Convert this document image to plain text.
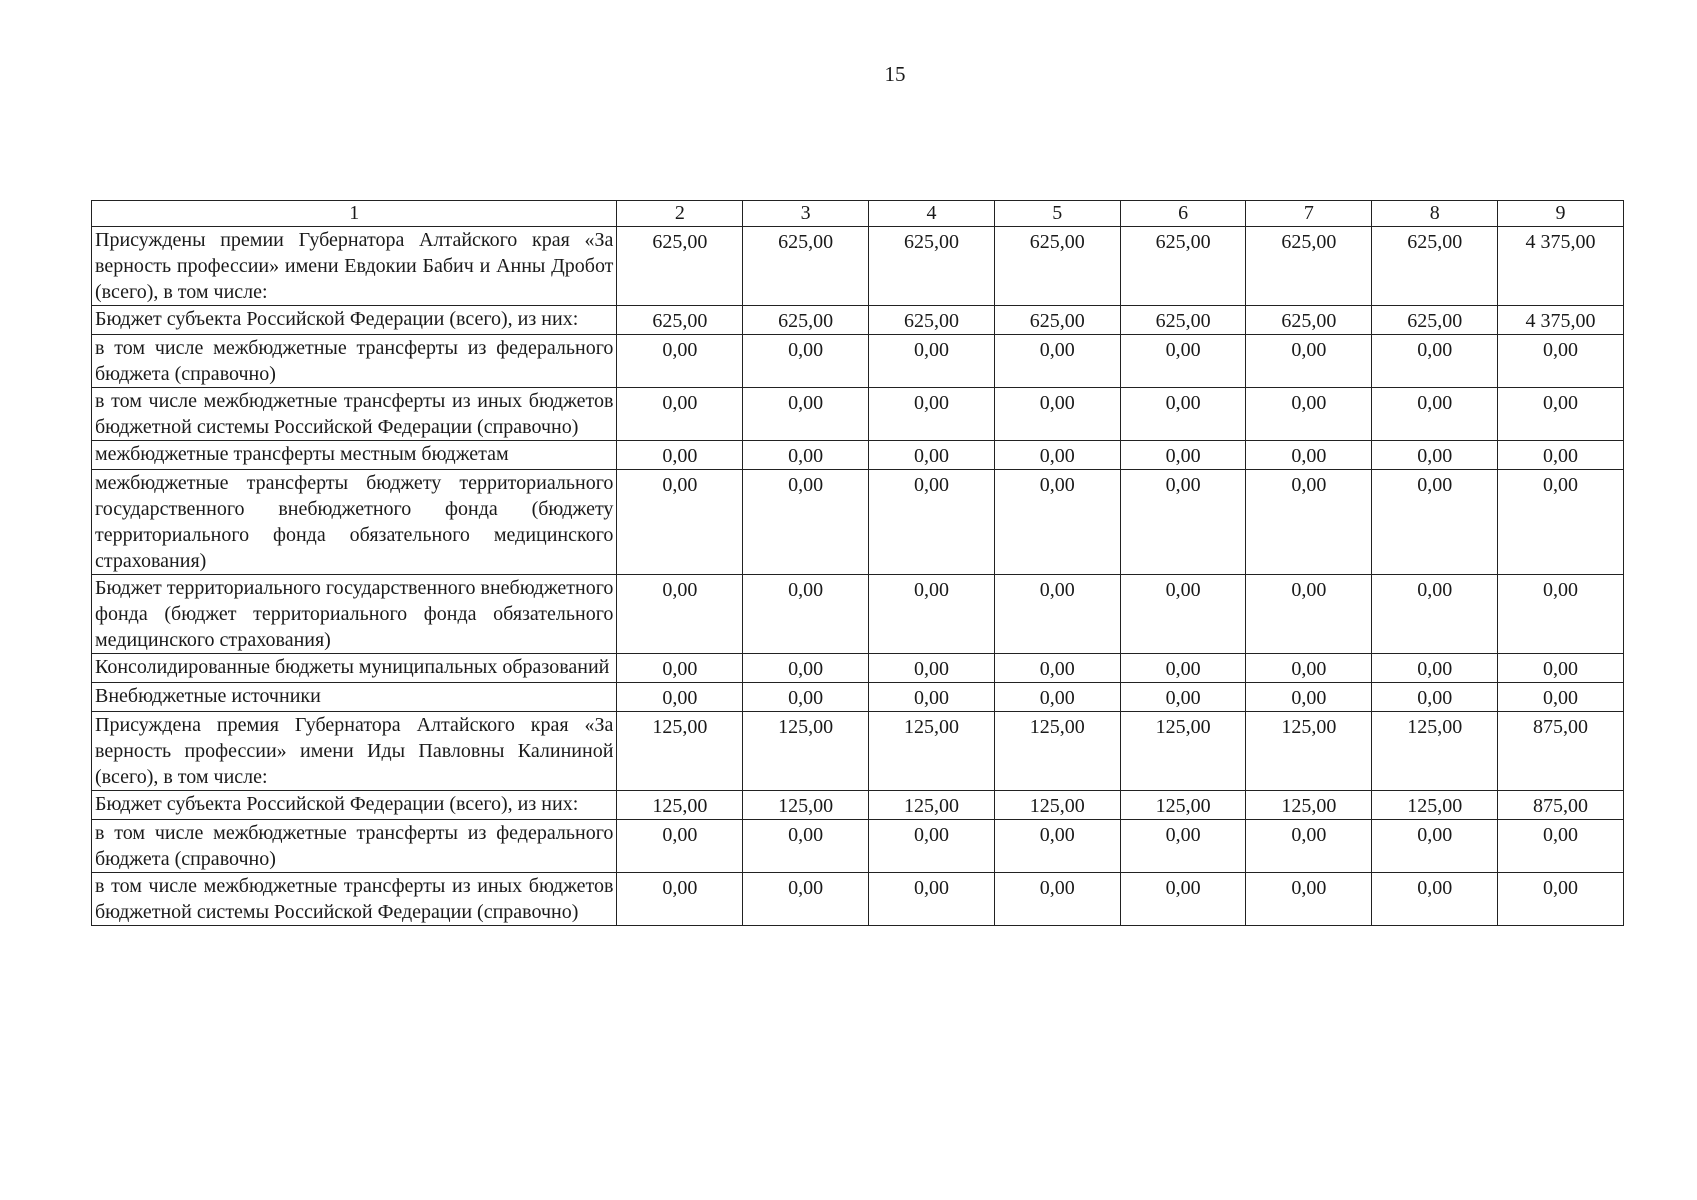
15
1	2	3	4	5	6	7	8	9
Присуждены премии Губернатора Алтайского края «За верность профессии» имени Евдокии Бабич и Анны Дробот (всего), в том числе:	625,00	625,00	625,00	625,00	625,00	625,00	625,00	4 375,00
Бюджет субъекта Российской Федерации (всего), из них:	625,00	625,00	625,00	625,00	625,00	625,00	625,00	4 375,00
в том числе межбюджетные трансферты из федерального бюджета (справочно)	0,00	0,00	0,00	0,00	0,00	0,00	0,00	0,00
в том числе межбюджетные трансферты из иных бюджетов бюджетной системы Российской Федерации (справочно)	0,00	0,00	0,00	0,00	0,00	0,00	0,00	0,00
межбюджетные трансферты местным бюджетам	0,00	0,00	0,00	0,00	0,00	0,00	0,00	0,00
межбюджетные трансферты бюджету территориального государственного внебюджетного фонда (бюджету территориального фонда обязательного медицинского страхования)	0,00	0,00	0,00	0,00	0,00	0,00	0,00	0,00
Бюджет территориального государственного внебюджетного фонда (бюджет территориального фонда обязательного медицинского страхования)	0,00	0,00	0,00	0,00	0,00	0,00	0,00	0,00
Консолидированные бюджеты муниципальных образований	0,00	0,00	0,00	0,00	0,00	0,00	0,00	0,00
Внебюджетные источники	0,00	0,00	0,00	0,00	0,00	0,00	0,00	0,00
Присуждена премия Губернатора Алтайского края «За верность профессии» имени Иды Павловны Калининой (всего), в том числе:	125,00	125,00	125,00	125,00	125,00	125,00	125,00	875,00
Бюджет субъекта Российской Федерации (всего), из них:	125,00	125,00	125,00	125,00	125,00	125,00	125,00	875,00
в том числе межбюджетные трансферты из федерального бюджета (справочно)	0,00	0,00	0,00	0,00	0,00	0,00	0,00	0,00
в том числе межбюджетные трансферты из иных бюджетов бюджетной системы Российской Федерации (справочно)	0,00	0,00	0,00	0,00	0,00	0,00	0,00	0,00
